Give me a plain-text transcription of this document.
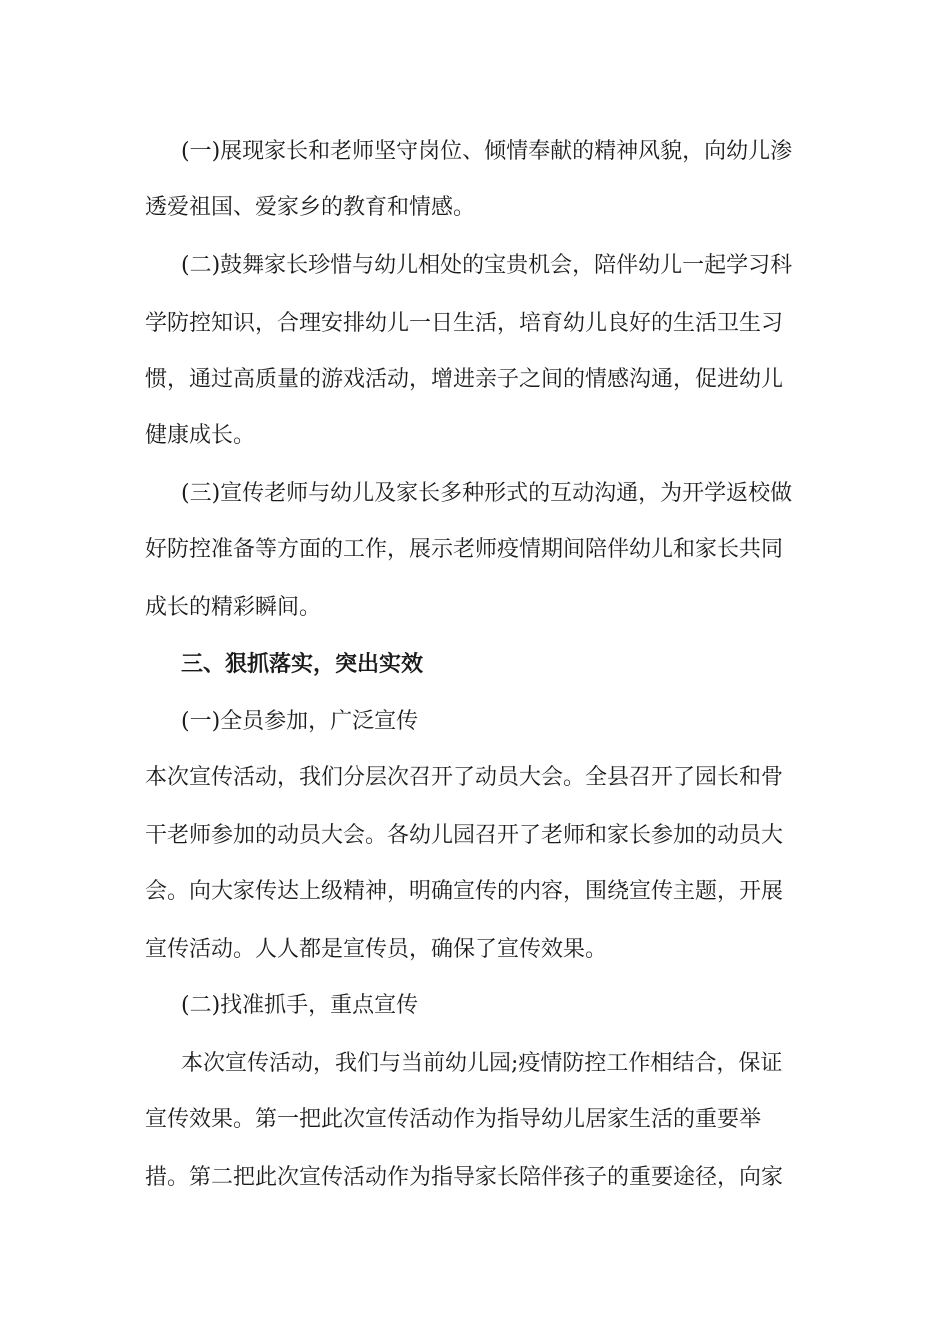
(一)展现家长和老师坚守岗位、倾情奉献的精神风貌，向幼儿渗
透爱祖国、爱家乡的教育和情感。
(二)鼓舞家长珍惜与幼儿相处的宝贵机会，陪伴幼儿一起学习科
学防控知识，合理安排幼儿一日生活，培育幼儿良好的生活卫生习
惯，通过高质量的游戏活动，增进亲子之间的情感沟通，促进幼儿
健康成长。
(三)宣传老师与幼儿及家长多种形式的互动沟通，为开学返校做
好防控准备等方面的工作，展示老师疫情期间陪伴幼儿和家长共同
成长的精彩瞬间。
三、狠抓落实，突出实效
(一)全员参加，广泛宣传
本次宣传活动，我们分层次召开了动员大会。全县召开了园长和骨
干老师参加的动员大会。各幼儿园召开了老师和家长参加的动员大
会。向大家传达上级精神，明确宣传的内容，围绕宣传主题，开展
宣传活动。人人都是宣传员，确保了宣传效果。
(二)找准抓手，重点宣传
本次宣传活动，我们与当前幼儿园;疫情防控工作相结合，保证
宣传效果。第一把此次宣传活动作为指导幼儿居家生活的重要举
措。第二把此次宣传活动作为指导家长陪伴孩子的重要途径，向家
